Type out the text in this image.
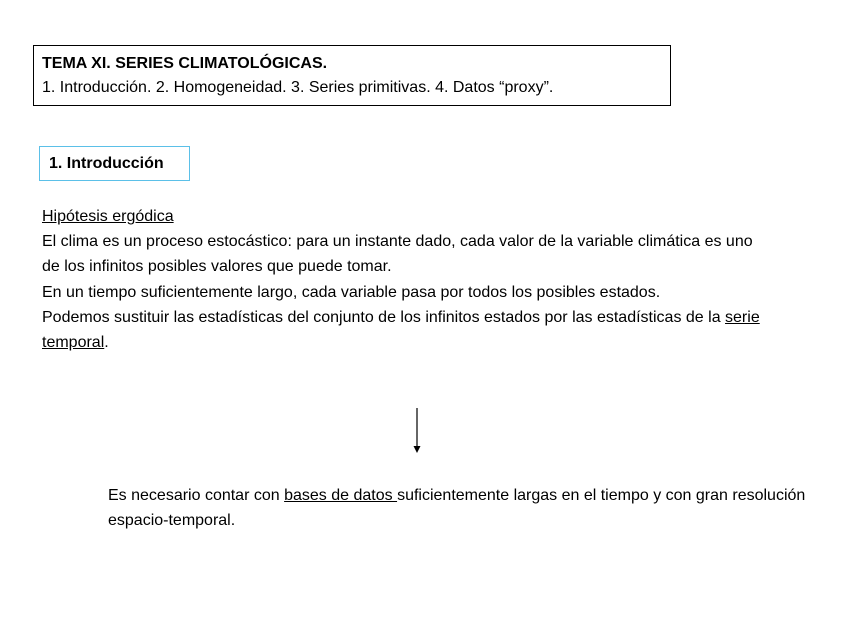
TEMA XI. SERIES CLIMATOLÓGICAS.
1. Introducción. 2. Homogeneidad. 3. Series primitivas. 4. Datos “proxy”.
1. Introducción

Hipótesis ergódica

El clima es un proceso estocástico: para un instante dado, cada valor de la variable climática es uno de los infinitos posibles valores que puede tomar.

En un tiempo suficientemente largo, cada variable pasa por todos los posibles estados.

Podemos sustituir las estadísticas del conjunto de los infinitos estados por las estadísticas de la serie temporal.

Es necesario contar con bases de datos suficientemente largas en el tiempo y con gran resolución espacio-temporal.
